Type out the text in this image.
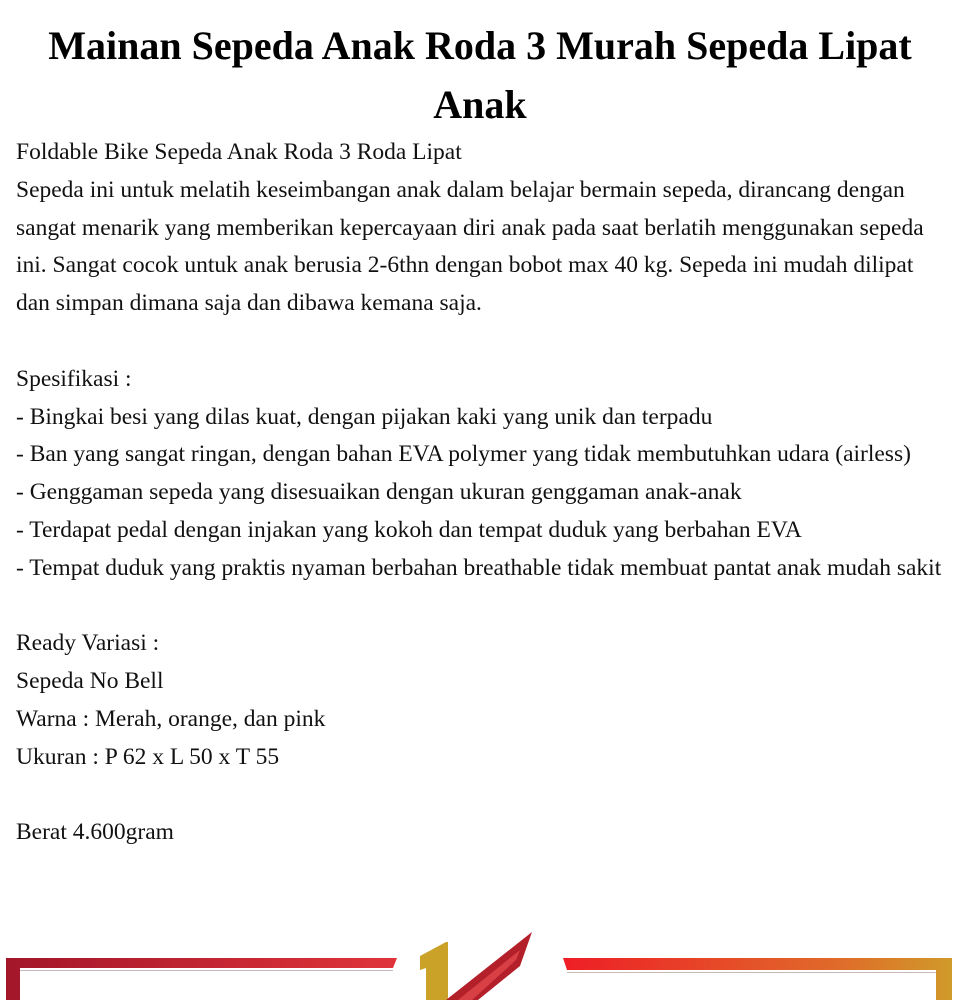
Mainan Sepeda Anak Roda 3 Murah Sepeda Lipat Anak
Foldable Bike Sepeda Anak Roda 3 Roda Lipat
Sepeda ini untuk melatih keseimbangan anak dalam belajar bermain sepeda, dirancang dengan sangat menarik yang memberikan kepercayaan diri anak pada saat berlatih menggunakan sepeda ini. Sangat cocok untuk anak berusia 2-6thn dengan bobot max 40 kg. Sepeda ini mudah dilipat dan simpan dimana saja dan dibawa kemana saja.
Spesifikasi :
- Bingkai besi yang dilas kuat, dengan pijakan kaki yang unik dan terpadu
- Ban yang sangat ringan, dengan bahan EVA polymer yang tidak membutuhkan udara (airless)
- Genggaman sepeda yang disesuaikan dengan ukuran genggaman anak-anak
- Terdapat pedal dengan injakan yang kokoh dan tempat duduk yang berbahan EVA
- Tempat duduk yang praktis nyaman berbahan breathable tidak membuat pantat anak mudah sakit
Ready Variasi :
Sepeda No Bell
Warna : Merah, orange, dan pink
Ukuran : P 62 x L 50 x T 55
Berat 4.600gram
